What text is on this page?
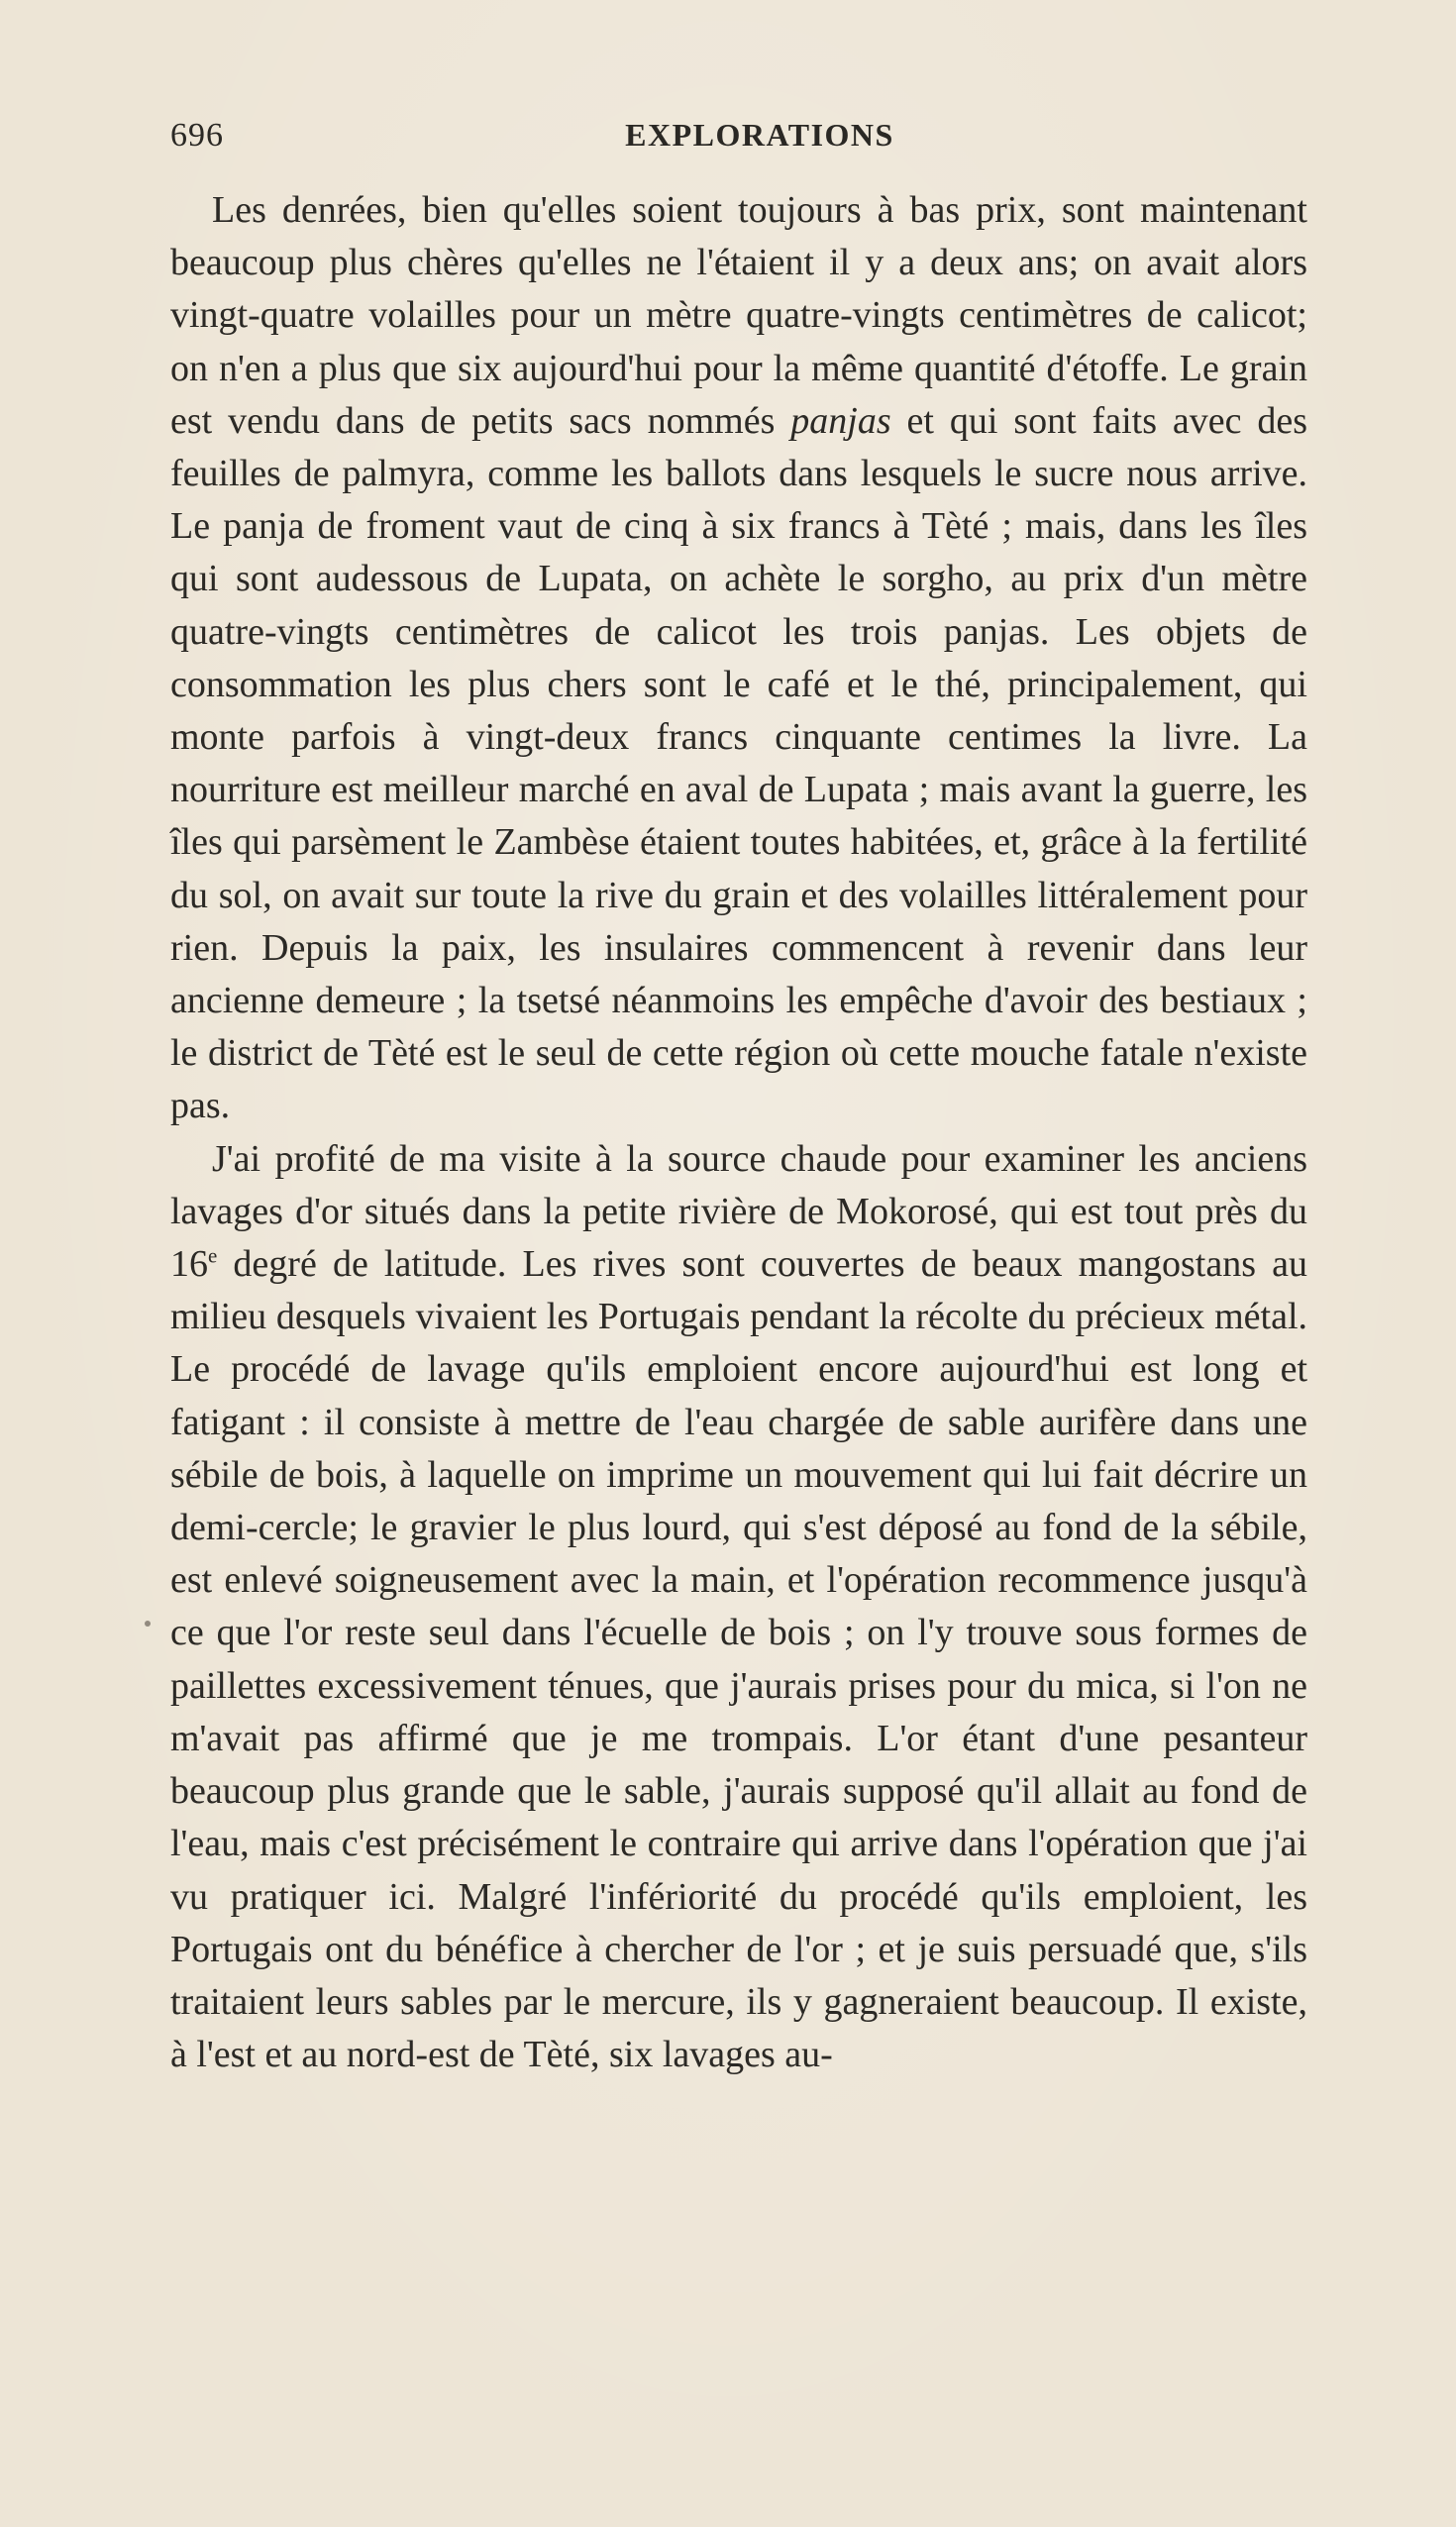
696	EXPLORATIONS

Les denrées, bien qu'elles soient toujours à bas prix, sont maintenant beaucoup plus chères qu'elles ne l'étaient il y a deux ans; on avait alors vingt-quatre volailles pour un mètre quatre-vingts centimètres de calicot; on n'en a plus que six aujourd'hui pour la même quantité d'étoffe. Le grain est vendu dans de petits sacs nommés panjas et qui sont faits avec des feuilles de palmyra, comme les ballots dans lesquels le sucre nous arrive. Le panja de froment vaut de cinq à six francs à Tèté ; mais, dans les îles qui sont audessous de Lupata, on achète le sorgho, au prix d'un mètre quatre-vingts centimètres de calicot les trois panjas. Les objets de consommation les plus chers sont le café et le thé, principalement, qui monte parfois à vingt-deux francs cinquante centimes la livre. La nourriture est meilleur marché en aval de Lupata ; mais avant la guerre, les îles qui parsèment le Zambèse étaient toutes habitées, et, grâce à la fertilité du sol, on avait sur toute la rive du grain et des volailles littéralement pour rien. Depuis la paix, les insulaires commencent à revenir dans leur ancienne demeure ; la tsetsé néanmoins les empêche d'avoir des bestiaux ; le district de Tèté est le seul de cette région où cette mouche fatale n'existe pas.

J'ai profité de ma visite à la source chaude pour examiner les anciens lavages d'or situés dans la petite rivière de Mokorosé, qui est tout près du 16e degré de latitude. Les rives sont couvertes de beaux mangostans au milieu desquels vivaient les Portugais pendant la récolte du précieux métal. Le procédé de lavage qu'ils emploient encore aujourd'hui est long et fatigant : il consiste à mettre de l'eau chargée de sable aurifère dans une sébile de bois, à laquelle on imprime un mouvement qui lui fait décrire un demi-cercle; le gravier le plus lourd, qui s'est déposé au fond de la sébile, est enlevé soigneusement avec la main, et l'opération recommence jusqu'à ce que l'or reste seul dans l'écuelle de bois ; on l'y trouve sous formes de paillettes excessivement ténues, que j'aurais prises pour du mica, si l'on ne m'avait pas affirmé que je me trompais. L'or étant d'une pesanteur beaucoup plus grande que le sable, j'aurais supposé qu'il allait au fond de l'eau, mais c'est précisément le contraire qui arrive dans l'opération que j'ai vu pratiquer ici. Malgré l'infériorité du procédé qu'ils emploient, les Portugais ont du bénéfice à chercher de l'or ; et je suis persuadé que, s'ils traitaient leurs sables par le mercure, ils y gagneraient beaucoup. Il existe, à l'est et au nord-est de Tèté, six lavages au-
